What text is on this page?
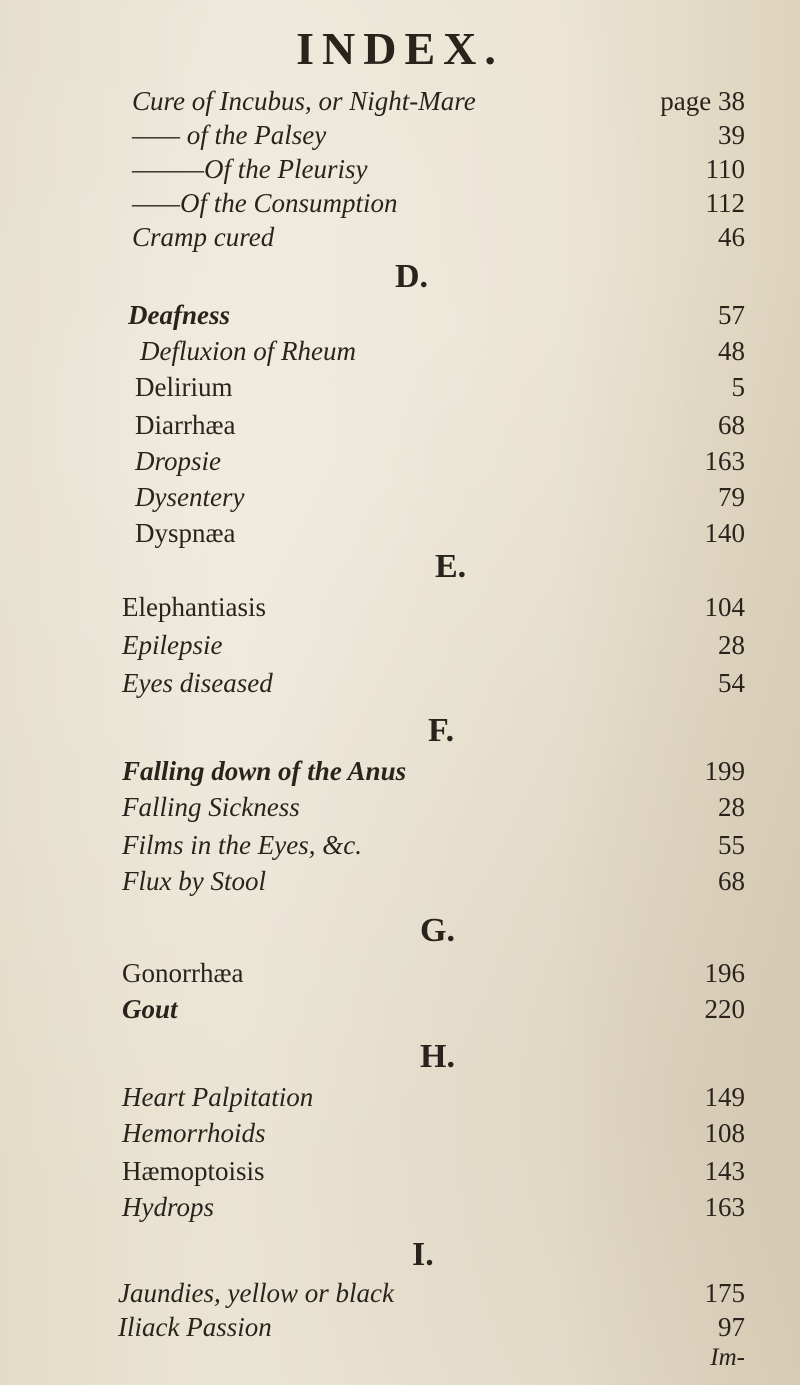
INDEX.
Cure of Incubus, or Night-Mare	page 38
—— of the Palsey	39
———Of the Pleurisy	110
——Of the Consumption	112
Cramp cured	46
D.
Deafness	57
Defluxion of Rheum	48
Delirium	5
Diarrhæa	68
Dropsie	163
Dysentery	79
Dyspnæa	140
E.
Elephantiasis	104
Epilepsie	28
Eyes diseased	54
F.
Falling down of the Anus	199
Falling Sickness	28
Films in the Eyes, &c.	55
Flux by Stool	68
G.
Gonorrhæa	196
Gout	220
H.
Heart Palpitation	149
Hemorrhoids	108
Hæmoptoisis	143
Hydrops	163
I.
Jaundies, yellow or black	175
Iliack Passion	97
Im-
